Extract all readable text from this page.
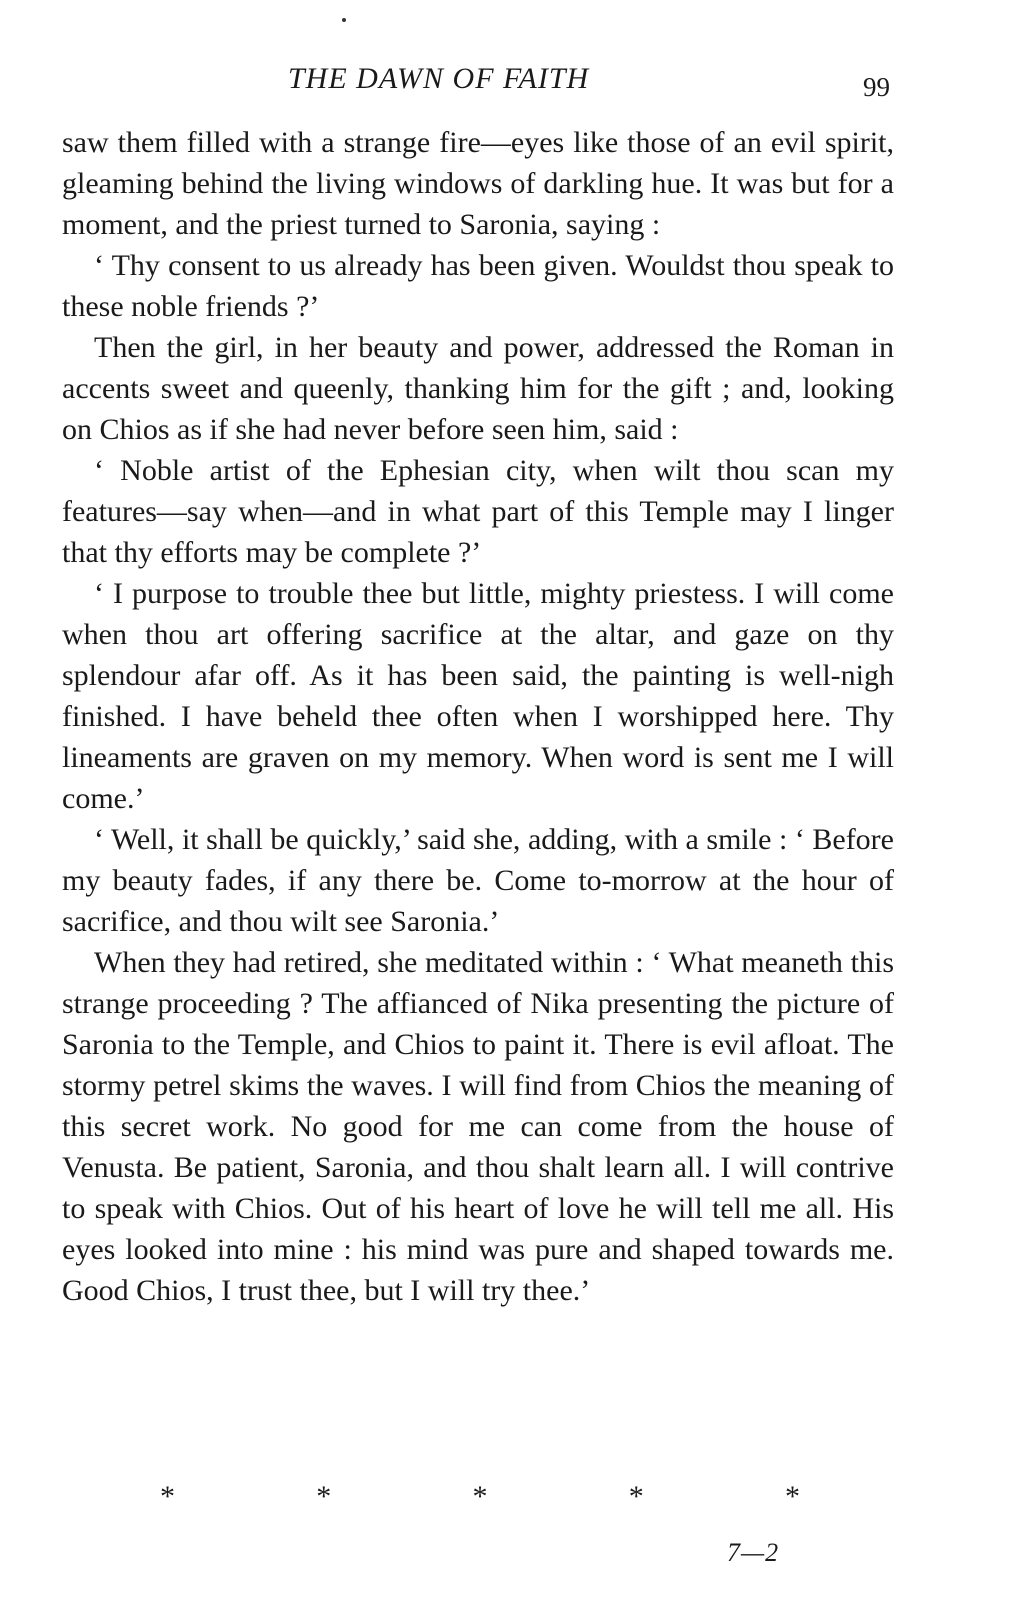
THE DAWN OF FAITH	99

saw them filled with a strange fire—eyes like those of an evil spirit, gleaming behind the living windows of darkling hue. It was but for a moment, and the priest turned to Saronia, saying :

‘ Thy consent to us already has been given. Wouldst thou speak to these noble friends ?’

Then the girl, in her beauty and power, addressed the Roman in accents sweet and queenly, thanking him for the gift ; and, looking on Chios as if she had never before seen him, said :

‘ Noble artist of the Ephesian city, when wilt thou scan my features—say when—and in what part of this Temple may I linger that thy efforts may be complete ?’

‘ I purpose to trouble thee but little, mighty priestess. I will come when thou art offering sacrifice at the altar, and gaze on thy splendour afar off. As it has been said, the painting is well-nigh finished. I have beheld thee often when I worshipped here. Thy lineaments are graven on my memory. When word is sent me I will come.’

‘ Well, it shall be quickly,’ said she, adding, with a smile : ‘ Before my beauty fades, if any there be. Come to-morrow at the hour of sacrifice, and thou wilt see Saronia.’

When they had retired, she meditated within : ‘ What meaneth this strange proceeding ? The affianced of Nika presenting the picture of Saronia to the Temple, and Chios to paint it. There is evil afloat. The stormy petrel skims the waves. I will find from Chios the meaning of this secret work. No good for me can come from the house of Venusta. Be patient, Saronia, and thou shalt learn all. I will contrive to speak with Chios. Out of his heart of love he will tell me all. His eyes looked into mine : his mind was pure and shaped towards me. Good Chios, I trust thee, but I will try thee.’

*	*	*	*	*
7—2
